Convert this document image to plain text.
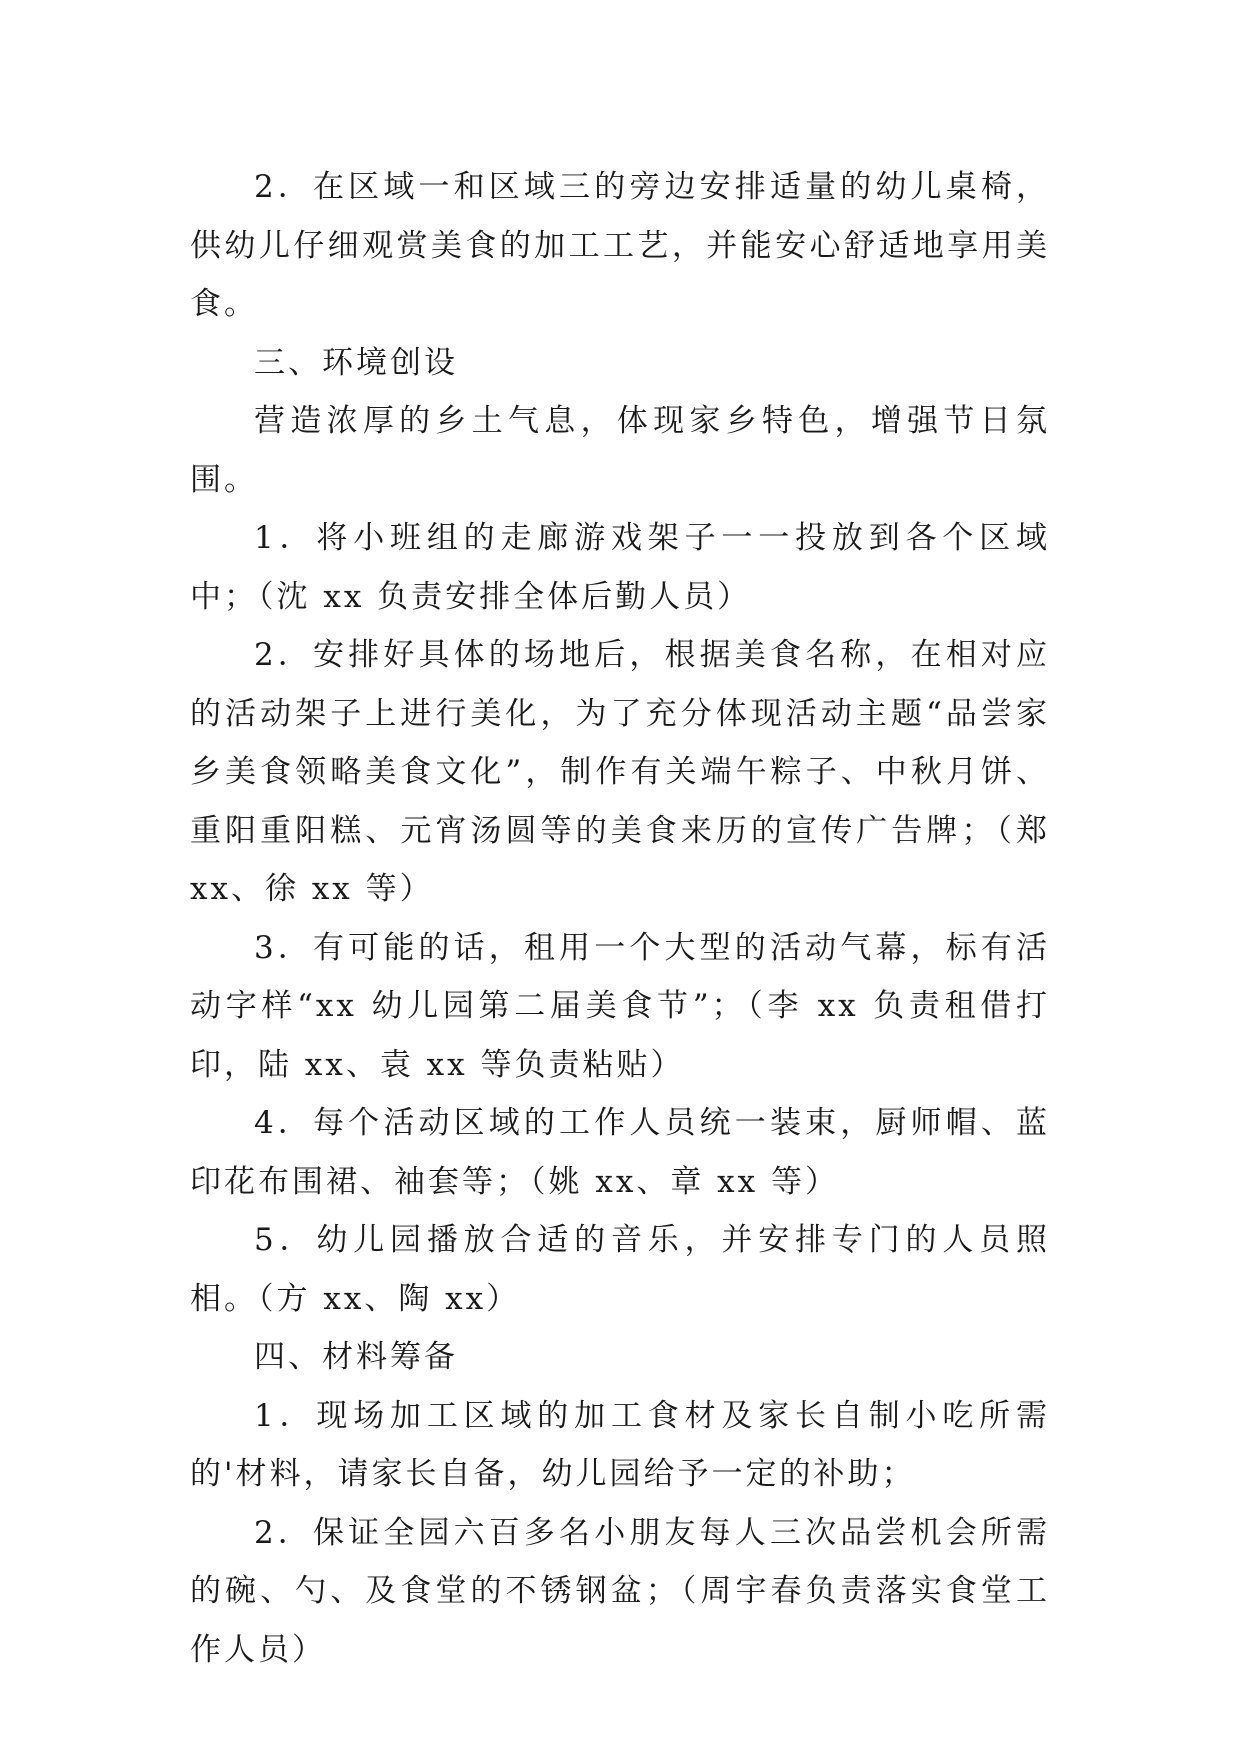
2．在区域一和区域三的旁边安排适量的幼儿桌椅，供幼儿仔细观赏美食的加工工艺，并能安心舒适地享用美食。

三、环境创设

营造浓厚的乡土气息，体现家乡特色，增强节日氛围。

1．将小班组的走廊游戏架子一一投放到各个区域中；（沈 xx 负责安排全体后勤人员）

2．安排好具体的场地后，根据美食名称，在相对应的活动架子上进行美化，为了充分体现活动主题“品尝家乡美食领略美食文化”，制作有关端午粽子、中秋月饼、重阳重阳糕、元宵汤圆等的美食来历的宣传广告牌；（郑 xx、徐 xx 等）

3．有可能的话，租用一个大型的活动气幕，标有活动字样“xx 幼儿园第二届美食节”；（李 xx 负责租借打印，陆 xx、袁 xx 等负责粘贴）

4．每个活动区域的工作人员统一装束，厨师帽、蓝印花布围裙、袖套等；（姚 xx、章 xx 等）

5．幼儿园播放合适的音乐，并安排专门的人员照相。（方 xx、陶 xx）

四、材料筹备

1．现场加工区域的加工食材及家长自制小吃所需的'材料，请家长自备，幼儿园给予一定的补助；

2．保证全园六百多名小朋友每人三次品尝机会所需的碗、勺、及食堂的不锈钢盆；（周宇春负责落实食堂工作人员）
